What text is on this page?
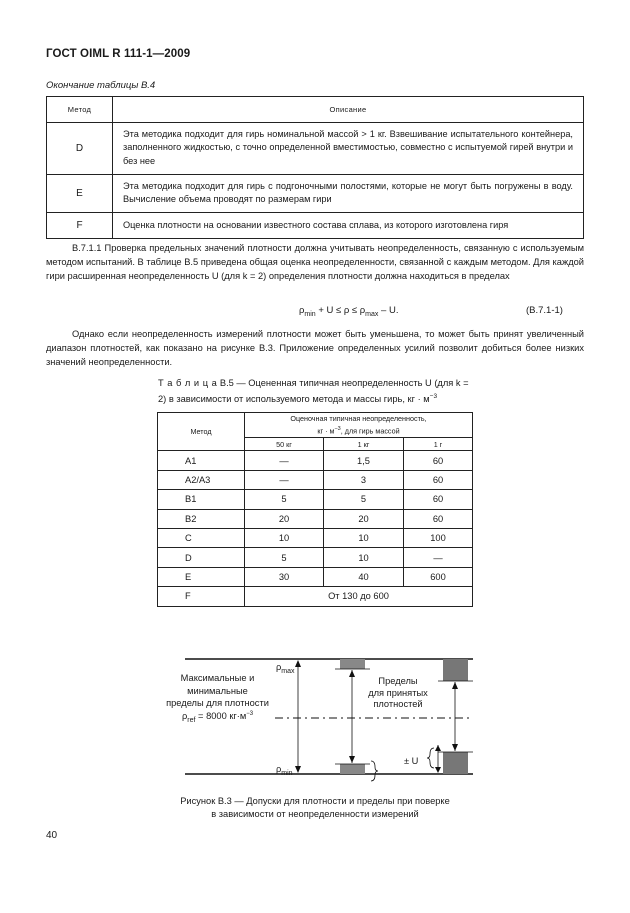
ГОСТ OIML R 111-1—2009
Окончание таблицы В.4
Метод	Описание
D	Эта методика подходит для гирь номинальной массой > 1 кг. Взвешивание испытательного контейнера, заполненного жидкостью, с точно определенной вместимостью, совместно с испытуемой гирей внутри и без нее
E	Эта методика подходит для гирь с подгоночными полостями, которые не могут быть погружены в воду. Вычисление объема проводят по размерам гири
F	Оценка плотности на основании известного состава сплава, из которого изготовлена гиря
В.7.1.1 Проверка предельных значений плотности должна учитывать неопределенность, связанную с используемым методом испытаний. В таблице В.5 приведена общая оценка неопределенности, связанной с каждым методом. Для каждой гири расширенная неопределенность U (для k = 2) определения плотности должна находиться в пределах
$\rho_{min} + U \le \rho \le \rho_{max} - U$.	(В.7.1-1)
Однако если неопределенность измерений плотности может быть уменьшена, то может быть принят увеличенный диапазон плотностей, как показано на рисунке В.3. Приложение определенных усилий позволит добиться более низких значений неопределенности.
Т а б л и ц а В.5 — Оцененная типичная неопределенность U (для k = 2) в зависимости от используемого метода и массы гирь, кг · $м^{-3}$
Метод	Оценочная типичная неопределенность,
кг · $м^{-3}$, для гирь массой		
	50 кг	1 кг	1 г
A1	—	1,5	60
A2/A3	—	3	60
B1	5	5	60
B2	20	20	60
C	10	10	100
D	5	10	—
E	30	40	600
F	От 130 до 600		
$\rho_{max}$
$\rho_{min}$
Максимальные и минимальные
пределы для плотности
$\rho_{ref} = 8000$ $кг\cdot м^{-3}$
Пределы
для принятых
плотностей
± U
Рисунок В.3 — Допуски для плотности и пределы при поверке
в зависимости от неопределенности измерений
40
